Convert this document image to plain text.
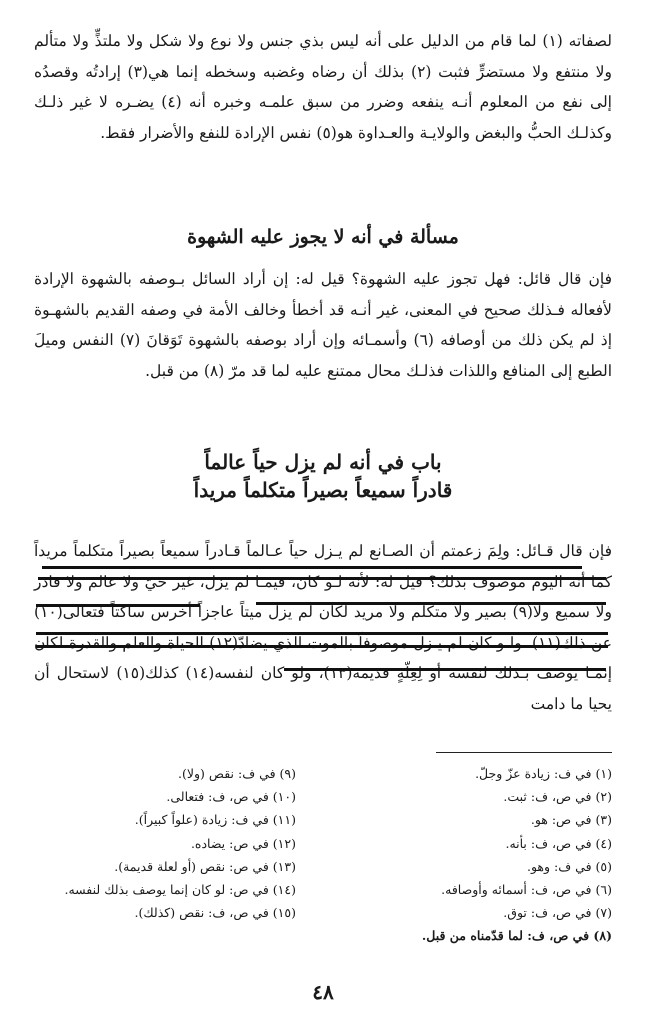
لصفاته (١) لما قام من الدليل على أنه ليس بذي جنس ولا نوع ولا شكل ولا ملتذٍّ ولا متألم ولا منتفع ولا مستضرٍّ فثبت (٢) بذلك أن رضاه وغضبه وسخطه إنما هي(٣) إرادتُه وقصدُه إلى نفع من المعلوم أنـه ينفعه وضرر من سبق علمـه وخبره أنه (٤) يضـره لا غير ذلـك وكذلـك الحبُّ والبغض والولايـة والعـداوة هو(٥) نفس الإرادة للنفع والأضرار فقط.

مسألة في أنه لا يجوز عليه الشهوة

فإن قال قائل: فهل تجوز عليه الشهوة؟ قيل له: إن أراد السائل بـوصفه بالشهوة الإرادة لأفعاله فـذلك صحيح في المعنى، غير أنـه قد أخطأ وخالف الأمة في وصفه القديم بالشهـوة إذ لم يكن ذلك من أوصافه (٦) وأسمـائه وإن أراد بوصفه بالشهوة تَوَقانَ (٧) النفس وميلَ الطبع إلى المنافع واللذات فذلـك محال ممتنع عليه لما قد مرّ (٨) من قبل.

باب في أنه لم يزل حياً عالماً
قادراً سميعاً بصيراً متكلماً مريداً

فإن قال قـائل: ولِمَ زعمتم أن الصـانع لم يـزل حياً عـالماً قـادراً سميعاً بصيراً متكلماً مريداً كما أنه اليوم موصوف بذلك؟ قيل له: لأنه لـو كان، فيمـا لم يزل، غير حيّ ولا عالم ولا قادر ولا سميع ولا(٩) بصير ولا متكلم ولا مريد لكان لم يزل ميتاً عاجزاً أخرس ساكتاً فتعالى(١٠) عن ذلك(١١). ولـو كان لم يـزل موصوفاً بالموت الذي يضادّ(١٢) الحياة والعلم والقدرة لكان إنمـا يوصف بـذلك لنفسه أو لِعِلّةٍ قديمة(١٣)، ولو كان لنفسه(١٤) كذلك(١٥) لاستحال أن يحيا ما دامت

(١) في ف: زيادة عزّ وجلّ.
(٢) في ص، ف: ثبت.
(٣) في ص: هو.
(٤) في ص، ف: بأنه.
(٥) في ف: وهو.
(٦) في ص، ف: أسمائه وأوصافه.
(٧) في ص، ف: توق.
(٨) في ص، ف: لما قدّمناه من قبل.
(٩) في ف: نقص (ولا).
(١٠) في ص، ف: فتعالى.
(١١) في ف: زيادة (علواً كبيراً).
(١٢) في ص: يضاده.
(١٣) في ص: نقص (أو لعلة قديمة).
(١٤) في ص: لو كان إنما يوصف بذلك لنفسه.
(١٥) في ص، ف: نقص (كذلك).
٤٨
